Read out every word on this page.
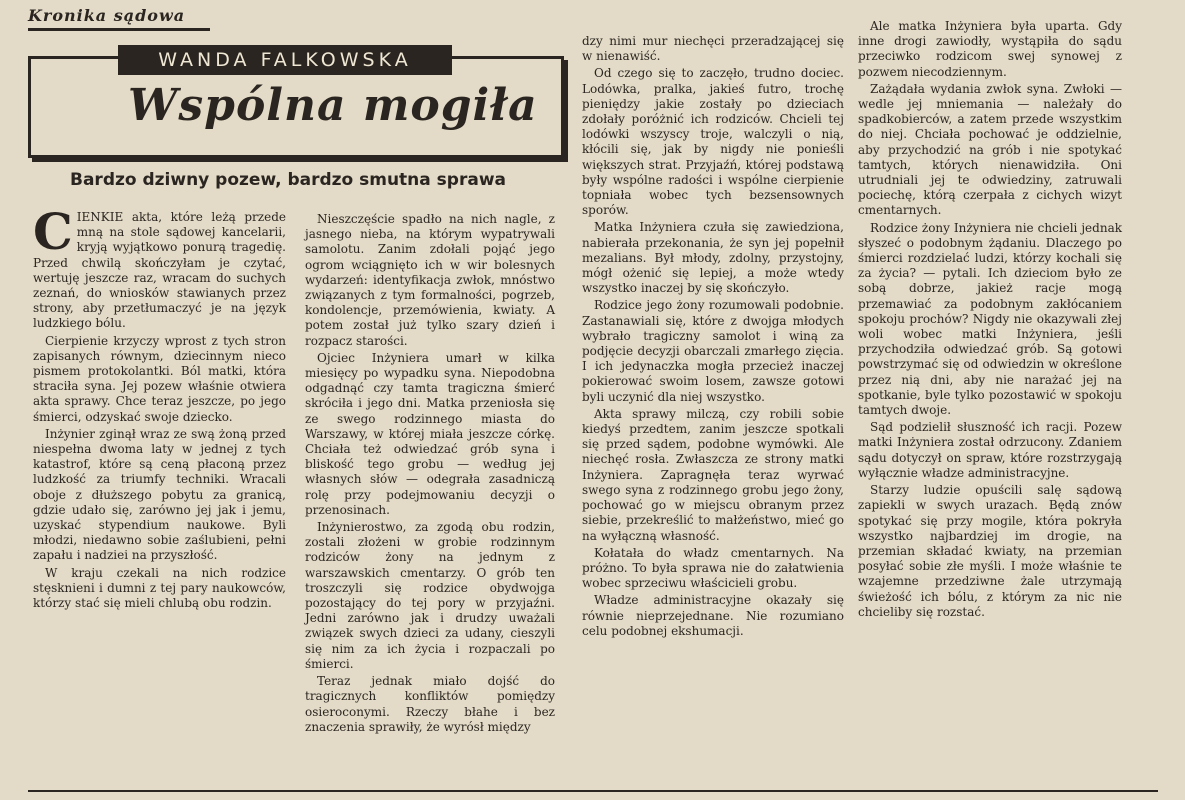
Kronika sądowa
WANDA FALKOWSKA
Wspólna mogiła
Bardzo dziwny pozew, bardzo smutna sprawa

CIENKIE akta, które leżą przede mną na stole sądowej kancelarii, kryją wyjątkowo ponurą tragedię. Przed chwilą skończyłam je czytać, wertuję jeszcze raz, wracam do suchych zeznań, do wniosków stawianych przez strony, aby przetłumaczyć je na język ludzkiego bólu.

Cierpienie krzyczy wprost z tych stron zapisanych równym, dziecinnym nieco pismem protokolantki. Ból matki, która straciła syna. Jej pozew właśnie otwiera akta sprawy. Chce teraz jeszcze, po jego śmierci, odzyskać swoje dziecko.

Inżynier zginął wraz ze swą żoną przed niespełna dwoma laty w jednej z tych katastrof, które są ceną płaconą przez ludzkość za triumfy techniki. Wracali oboje z dłuższego pobytu za granicą, gdzie udało się, zarówno jej jak i jemu, uzyskać stypendium naukowe. Byli młodzi, niedawno sobie zaślubieni, pełni zapału i nadziei na przyszłość.

W kraju czekali na nich rodzice stęsknieni i dumni z tej pary naukowców, którzy stać się mieli chlubą obu rodzin.

Nieszczęście spadło na nich nagle, z jasnego nieba, na którym wypatrywali samolotu. Zanim zdołali pojąć jego ogrom wciągnięto ich w wir bolesnych wydarzeń: identyfikacja zwłok, mnóstwo związanych z tym formalności, pogrzeb, kondolencje, przemówienia, kwiaty. A potem został już tylko szary dzień i rozpacz starości.

Ojciec Inżyniera umarł w kilka miesięcy po wypadku syna. Niepodobna odgadnąć czy tamta tragiczna śmierć skróciła i jego dni. Matka przeniosła się ze swego rodzinnego miasta do Warszawy, w której miała jeszcze córkę. Chciała też odwiedzać grób syna i bliskość tego grobu — według jej własnych słów — odegrała zasadniczą rolę przy podejmowaniu decyzji o przenosinach.

Inżynierostwo, za zgodą obu rodzin, zostali złożeni w grobie rodzinnym rodziców żony na jednym z warszawskich cmentarzy. O grób ten troszczyli się rodzice obydwojga pozostający do tej pory w przyjaźni. Jedni zarówno jak i drudzy uważali związek swych dzieci za udany, cieszyli się nim za ich życia i rozpaczali po śmierci.

Teraz jednak miało dojść do tragicznych konfliktów pomiędzy osieroconymi. Rzeczy błahe i bez znaczenia sprawiły, że wyrósł między

dzy nimi mur niechęci przeradzającej się w nienawiść.

Od czego się to zaczęło, trudno dociec. Lodówka, pralka, jakieś futro, trochę pieniędzy jakie zostały po dzieciach zdołały poróżnić ich rodziców. Chcieli tej lodówki wszyscy troje, walczyli o nią, kłócili się, jak by nigdy nie ponieśli większych strat. Przyjaźń, której podstawą były wspólne radości i wspólne cierpienie topniała wobec tych bezsensownych sporów.

Matka Inżyniera czuła się zawiedziona, nabierała przekonania, że syn jej popełnił mezalians. Był młody, zdolny, przystojny, mógł ożenić się lepiej, a może wtedy wszystko inaczej by się skończyło.

Rodzice jego żony rozumowali podobnie. Zastanawiali się, które z dwojga młodych wybrało tragiczny samolot i winą za podjęcie decyzji obarczali zmarłego zięcia. I ich jedynaczka mogła przecież inaczej pokierować swoim losem, zawsze gotowi byli uczynić dla niej wszystko.

Akta sprawy milczą, czy robili sobie kiedyś przedtem, zanim jeszcze spotkali się przed sądem, podobne wymówki. Ale niechęć rosła. Zwłaszcza ze strony matki Inżyniera. Zapragnęła teraz wyrwać swego syna z rodzinnego grobu jego żony, pochować go w miejscu obranym przez siebie, przekreślić to małżeństwo, mieć go na wyłączną własność.

Kołatała do władz cmentarnych. Na próżno. To była sprawa nie do załatwienia wobec sprzeciwu właścicieli grobu.

Władze administracyjne okazały się równie nieprzejednane. Nie rozumiano celu podobnej ekshumacji.

Ale matka Inżyniera była uparta. Gdy inne drogi zawiodły, wystąpiła do sądu przeciwko rodzicom swej synowej z pozwem niecodziennym.

Zażądała wydania zwłok syna. Zwłoki — wedle jej mniemania — należały do spadkobierców, a zatem przede wszystkim do niej. Chciała pochować je oddzielnie, aby przychodzić na grób i nie spotykać tamtych, których nienawidziła. Oni utrudniali jej te odwiedziny, zatruwali pociechę, którą czerpała z cichych wizyt cmentarnych.

Rodzice żony Inżyniera nie chcieli jednak słyszeć o podobnym żądaniu. Dlaczego po śmierci rozdzielać ludzi, którzy kochali się za życia? — pytali. Ich dzieciom było ze sobą dobrze, jakież racje mogą przemawiać za podobnym zakłócaniem spokoju prochów? Nigdy nie okazywali złej woli wobec matki Inżyniera, jeśli przychodziła odwiedzać grób. Są gotowi powstrzymać się od odwiedzin w określone przez nią dni, aby nie narażać jej na spotkanie, byle tylko pozostawić w spokoju tamtych dwoje.

Sąd podzielił słuszność ich racji. Pozew matki Inżyniera został odrzucony. Zdaniem sądu dotyczył on spraw, które rozstrzygają wyłącznie władze administracyjne.

Starzy ludzie opuścili salę sądową zapiekli w swych urazach. Będą znów spotykać się przy mogile, która pokryła wszystko najbardziej im drogie, na przemian składać kwiaty, na przemian posyłać sobie złe myśli. I może właśnie te wzajemne przedziwne żale utrzymają świeżość ich bólu, z którym za nic nie chcieliby się rozstać.
